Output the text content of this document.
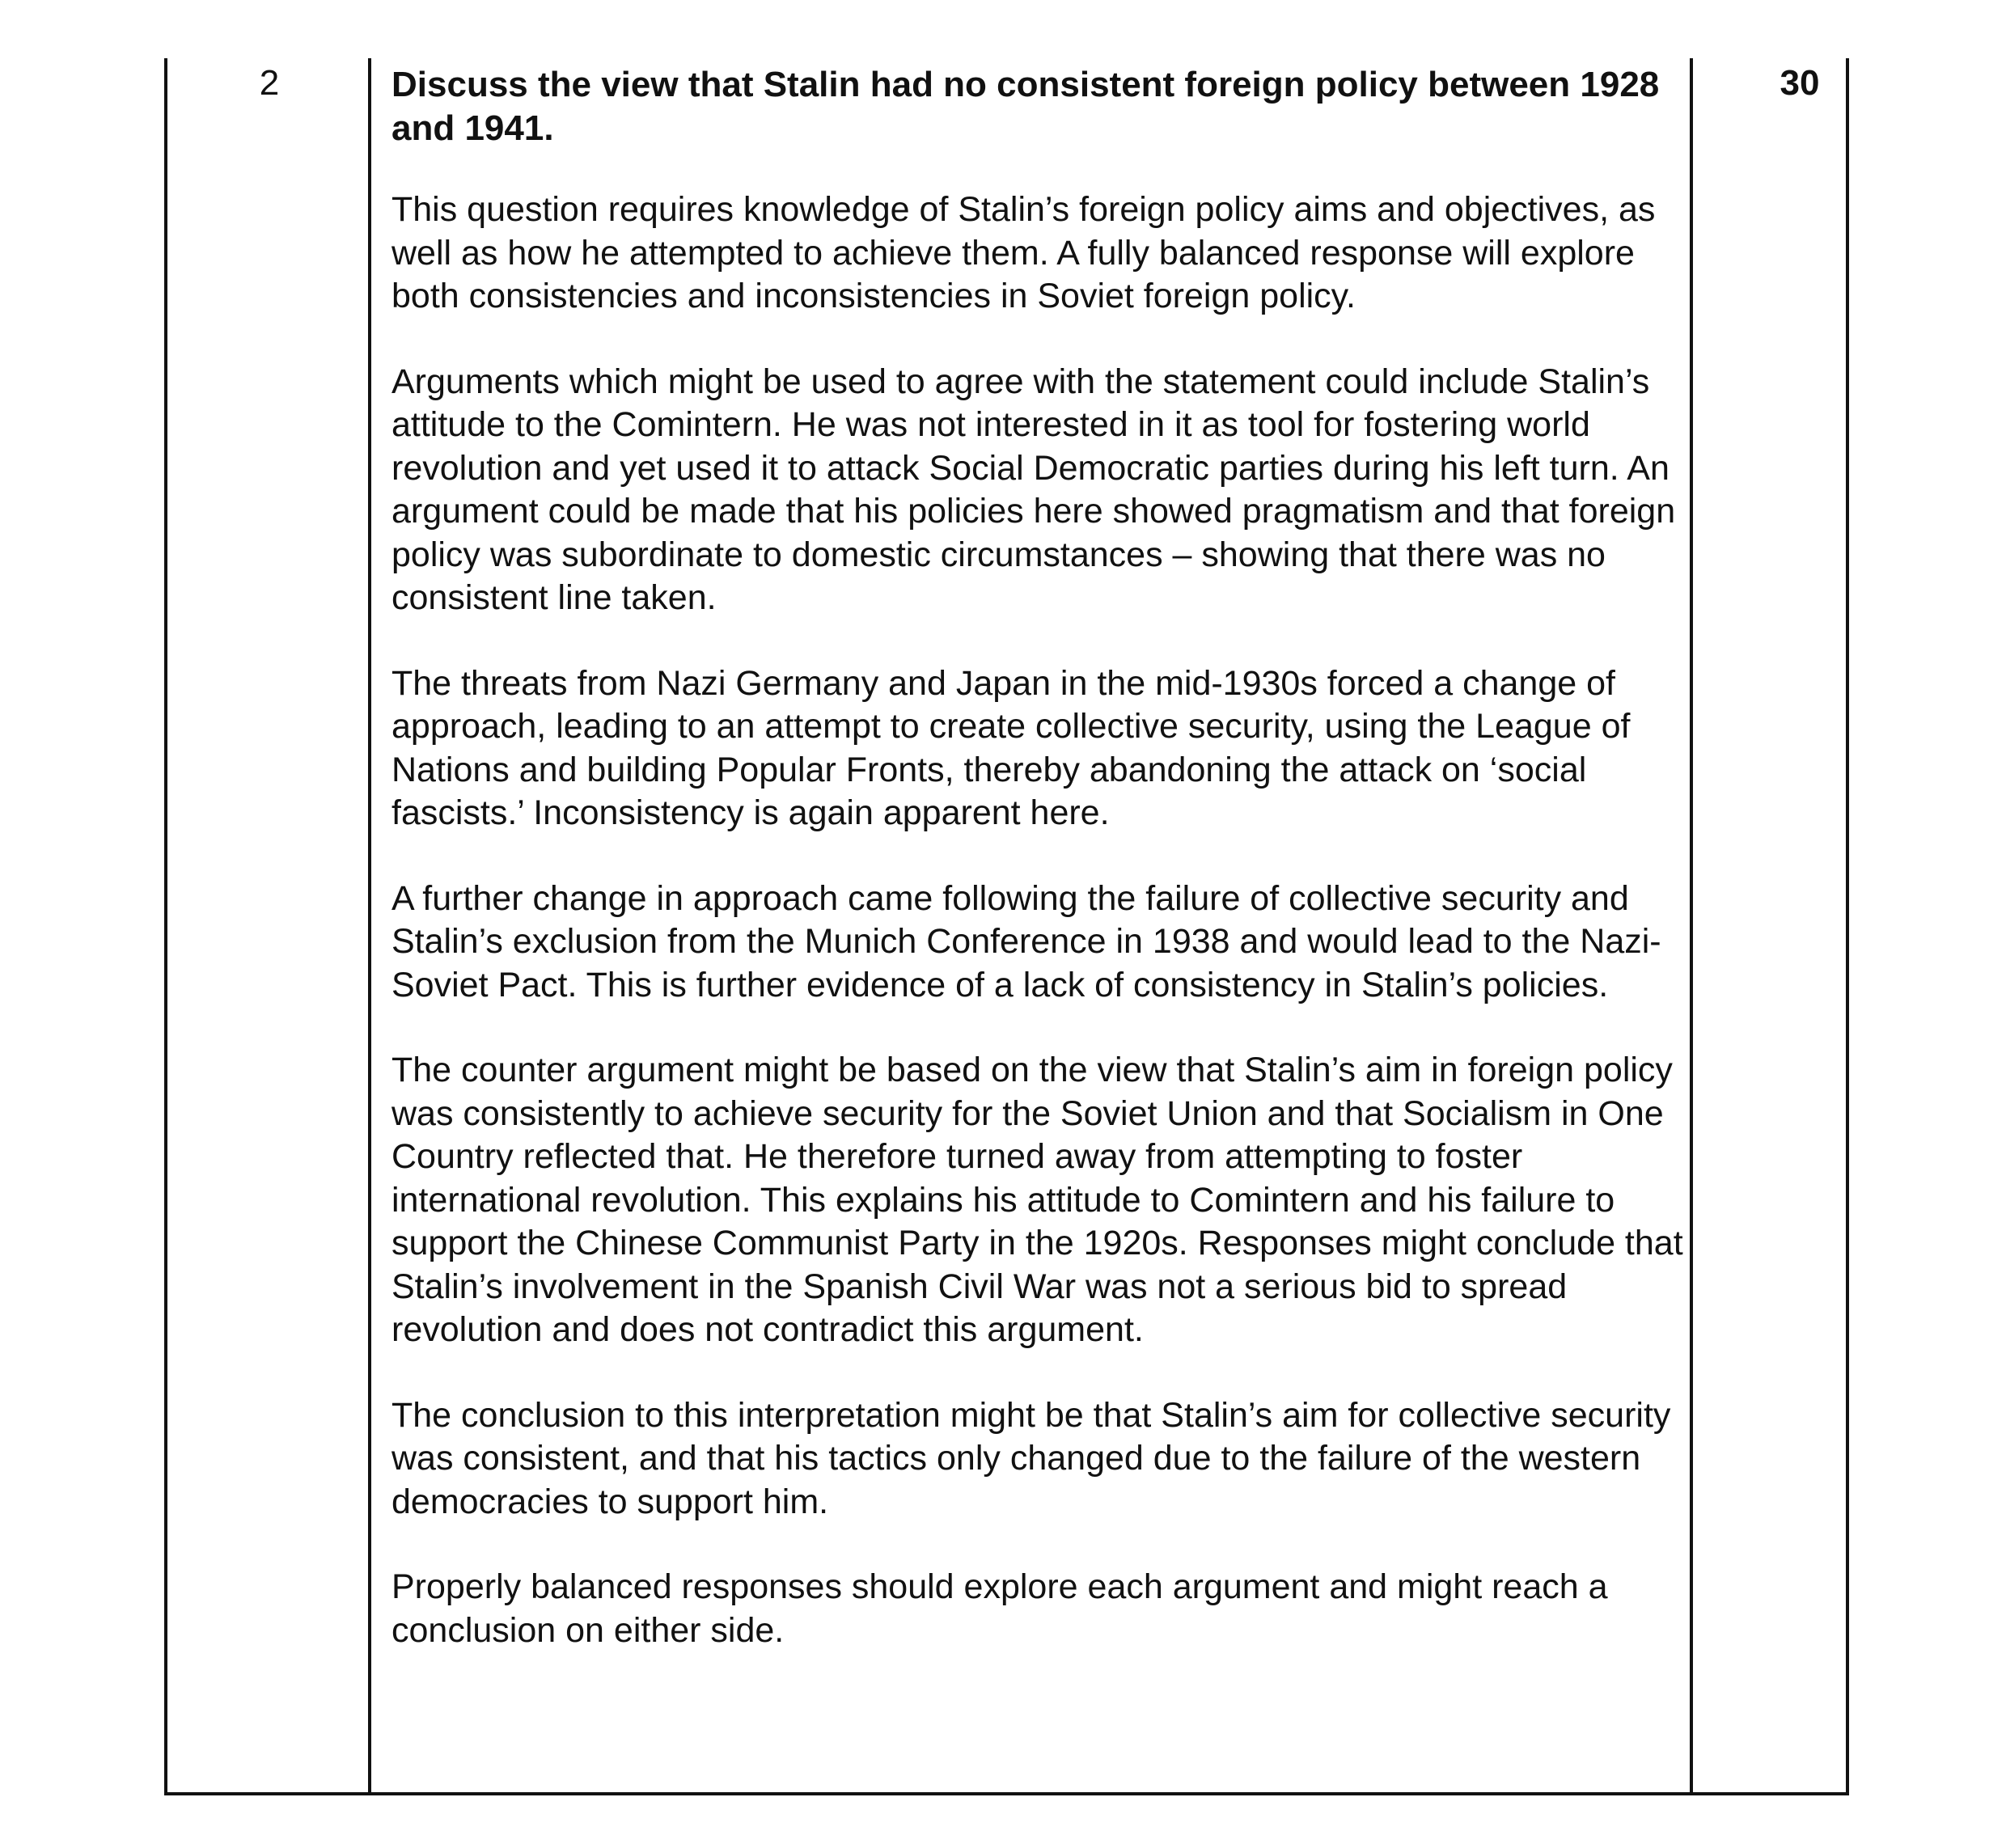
2	Discuss the view that Stalin had no consistent foreign policy between 1928 and 1941.

This question requires knowledge of Stalin’s foreign policy aims and objectives, as well as how he attempted to achieve them. A fully balanced response will explore both consistencies and inconsistencies in Soviet foreign policy.

Arguments which might be used to agree with the statement could include Stalin’s attitude to the Comintern. He was not interested in it as tool for fostering world revolution and yet used it to attack Social Democratic parties during his left turn. An argument could be made that his policies here showed pragmatism and that foreign policy was subordinate to domestic circumstances – showing that there was no consistent line taken.

The threats from Nazi Germany and Japan in the mid-1930s forced a change of approach, leading to an attempt to create collective security, using the League of Nations and building Popular Fronts, thereby abandoning the attack on ‘social fascists.’ Inconsistency is again apparent here.

A further change in approach came following the failure of collective security and Stalin’s exclusion from the Munich Conference in 1938 and would lead to the Nazi-Soviet Pact. This is further evidence of a lack of consistency in Stalin’s policies.

The counter argument might be based on the view that Stalin’s aim in foreign policy was consistently to achieve security for the Soviet Union and that Socialism in One Country reflected that. He therefore turned away from attempting to foster international revolution. This explains his attitude to Comintern and his failure to support the Chinese Communist Party in the 1920s. Responses might conclude that Stalin’s involvement in the Spanish Civil War was not a serious bid to spread revolution and does not contradict this argument.

The conclusion to this interpretation might be that Stalin’s aim for collective security was consistent, and that his tactics only changed due to the failure of the western democracies to support him.

Properly balanced responses should explore each argument and might reach a conclusion on either side.

30
